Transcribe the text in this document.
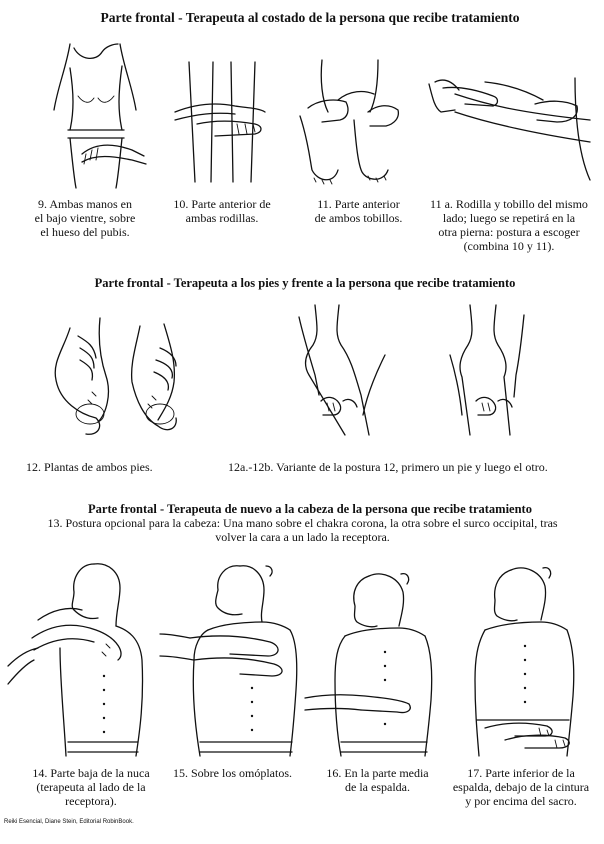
Parte frontal - Terapeuta al costado de la persona que recibe tratamiento
9. Ambas manos en
el bajo vientre, sobre
el hueso del pubis.
10. Parte anterior de
ambas rodillas.
11. Parte anterior
de ambos tobillos.
11 a. Rodilla y tobillo del mismo
lado; luego se repetirá en la
otra pierna: postura a escoger
(combina 10 y 11).
Parte frontal - Terapeuta a los pies y frente a la persona que recibe tratamiento
12. Plantas de ambos pies.	12a.-12b. Variante de la postura 12, primero un pie y luego el otro.
Parte frontal - Terapeuta de nuevo a la cabeza de la persona que recibe tratamiento
13. Postura opcional para la cabeza: Una mano sobre el chakra corona, la otra sobre el surco occipital, tras
volver la cara a un lado la receptora.
14. Parte baja de la nuca
(terapeuta al lado de la
receptora).
15. Sobre los omóplatos.	16. En la parte media
de la espalda.
17. Parte inferior de la
espalda, debajo de la cintura
y por encima del sacro.
Reiki Esencial, Diane Stein, Editorial RobinBook.
